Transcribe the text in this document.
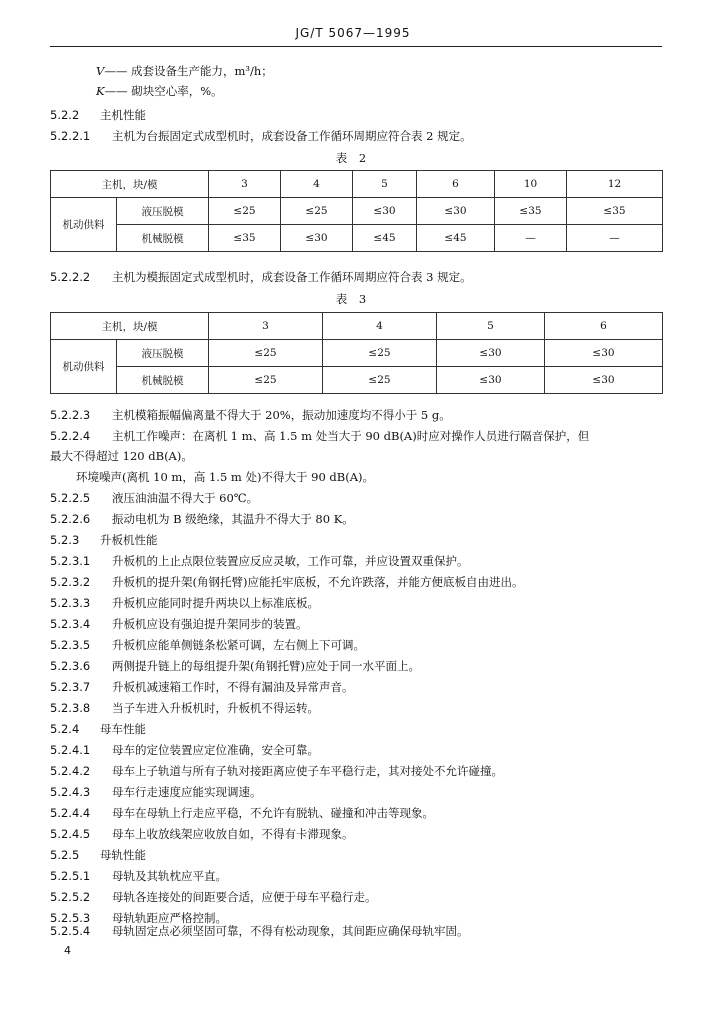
JG/T 5067—1995
V—— 成套设备生产能力，m³/h；
K—— 砌块空心率，%。
5.2.2 主机性能
5.2.2.1 主机为台振固定式成型机时，成套设备工作循环周期应符合表 2 规定。
表 2
主机，块/模		3	4	5	6	10	12
机动供料	液压脱模	≤25	≤25	≤30	≤30	≤35	≤35
	机械脱模	≤35	≤30	≤45	≤45	—	—
5.2.2.2 主机为模振固定式成型机时，成套设备工作循环周期应符合表 3 规定。
表 3
主机，块/模		3	4	5	6
机动供料	液压脱模	≤25	≤25	≤30	≤30
	机械脱模	≤25	≤25	≤30	≤30
5.2.2.3 主机模箱振幅偏离量不得大于 20%，振动加速度均不得小于 5 g。
5.2.2.4 主机工作噪声：在离机 1 m、高 1.5 m 处当大于 90 dB(A)时应对操作人员进行隔音保护，但
最大不得超过 120 dB(A)。
环境噪声(离机 10 m，高 1.5 m 处)不得大于 90 dB(A)。
5.2.2.5 液压油油温不得大于 60℃。
5.2.2.6 振动电机为 B 级绝缘，其温升不得大于 80 K。
5.2.3 升板机性能
5.2.3.1 升板机的上止点限位装置应反应灵敏，工作可靠，并应设置双重保护。
5.2.3.2 升板机的提升架(角钢托臂)应能托牢底板，不允许跌落，并能方便底板自由进出。
5.2.3.3 升板机应能同时提升两块以上标准底板。
5.2.3.4 升板机应设有强迫提升架同步的装置。
5.2.3.5 升板机应能单侧链条松紧可调，左右侧上下可调。
5.2.3.6 两侧提升链上的每组提升架(角钢托臂)应处于同一水平面上。
5.2.3.7 升板机减速箱工作时，不得有漏油及异常声音。
5.2.3.8 当子车进入升板机时，升板机不得运转。
5.2.4 母车性能
5.2.4.1 母车的定位装置应定位准确，安全可靠。
5.2.4.2 母车上子轨道与所有子轨对接距离应使子车平稳行走，其对接处不允许碰撞。
5.2.4.3 母车行走速度应能实现调速。
5.2.4.4 母车在母轨上行走应平稳，不允许有脱轨、碰撞和冲击等现象。
5.2.4.5 母车上收放线架应收放自如，不得有卡滞现象。
5.2.5 母轨性能
5.2.5.1 母轨及其轨枕应平直。
5.2.5.2 母轨各连接处的间距要合适，应便于母车平稳行走。
5.2.5.3 母轨轨距应严格控制。
5.2.5.4 母轨固定点必须坚固可靠，不得有松动现象，其间距应确保母轨牢固。
4
